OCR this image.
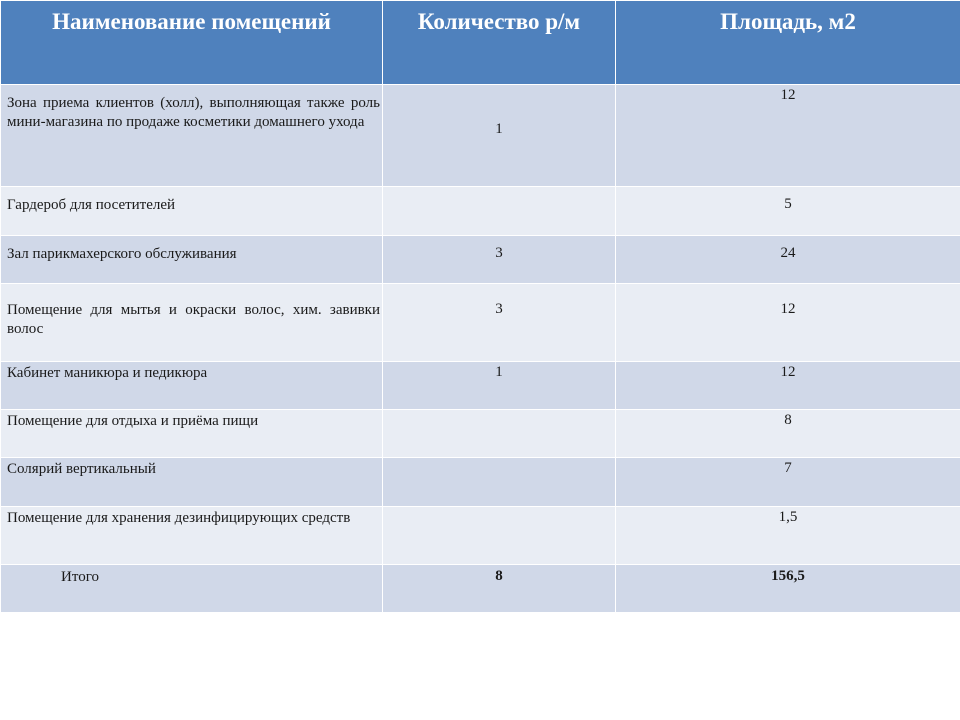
Наименование помещений	Количество р/м	Площадь, м2
Зона приема клиентов (холл), выполняющая также роль мини-магазина по продаже косметики домашнего ухода	1	12
Гардероб для посетителей		5
Зал парикмахерского обслуживания	3	24
Помещение для мытья и окраски волос, хим. завивки волос	3	12
Кабинет маникюра и педикюра	1	12
Помещение для отдыха и приёма пищи		8
Солярий вертикальный		7
Помещение для хранения дезинфицирующих средств		1,5
Итого	8	156,5
